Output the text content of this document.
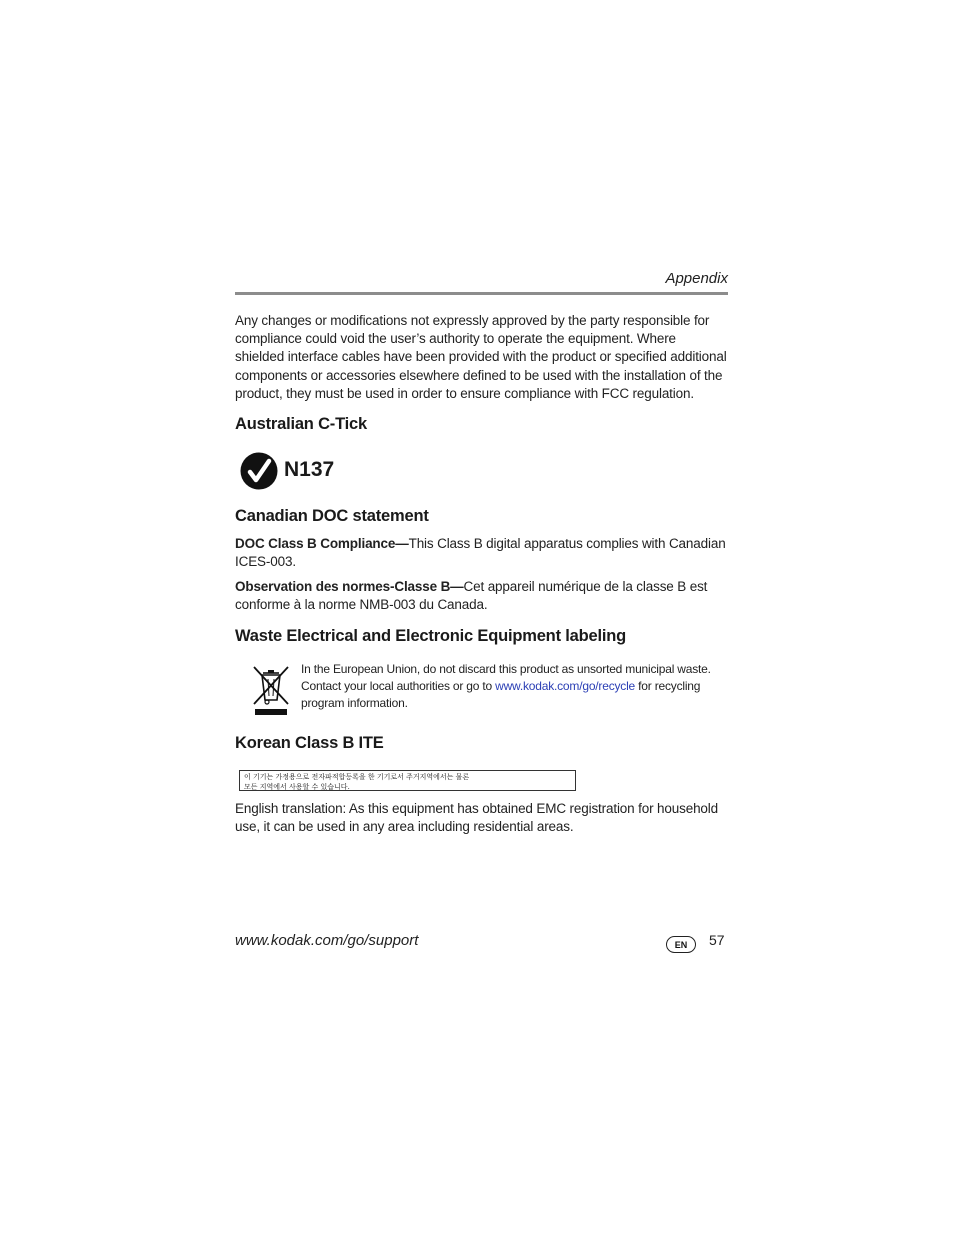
Appendix
Any changes or modifications not expressly approved by the party responsible for compliance could void the user’s authority to operate the equipment. Where shielded interface cables have been provided with the product or specified additional components or accessories elsewhere defined to be used with the installation of the product, they must be used in order to ensure compliance with FCC regulation.
Australian C-Tick
N137
Canadian DOC statement
DOC Class B Compliance—This Class B digital apparatus complies with Canadian ICES-003.
Observation des normes-Classe B—Cet appareil numérique de la classe B est conforme à la norme NMB-003 du Canada.
Waste Electrical and Electronic Equipment labeling
In the European Union, do not discard this product as unsorted municipal waste. Contact your local authorities or go to www.kodak.com/go/recycle for recycling program information.
Korean Class B ITE
이 기기는 가정용으로 전자파적합등록을 한 기기로서 주거지역에서는 물론
모든 지역에서 사용할 수 있습니다.
English translation: As this equipment has obtained EMC registration for household use, it can be used in any area including residential areas.
www.kodak.com/go/support	EN	57
